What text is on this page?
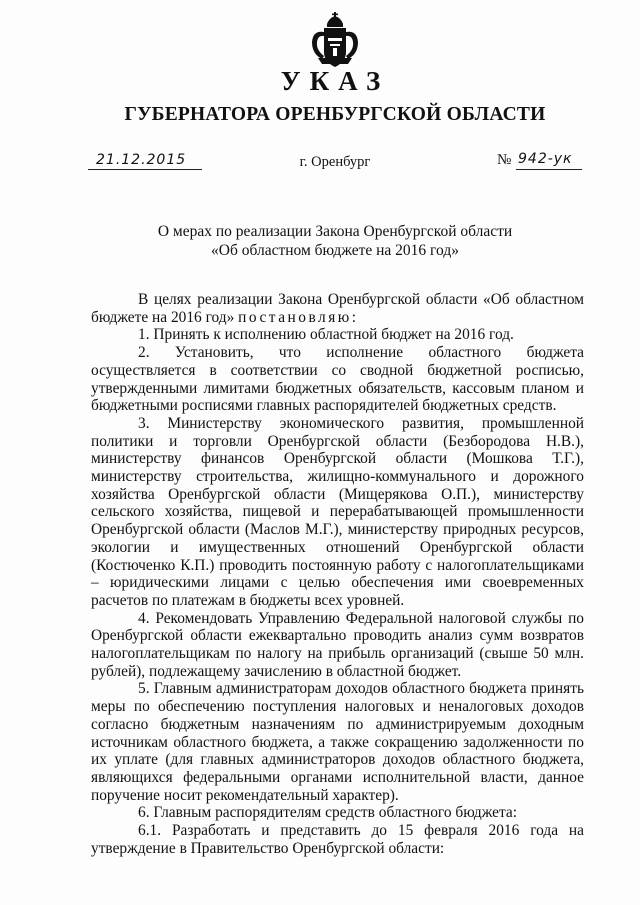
УКАЗ
ГУБЕРНАТОРА ОРЕНБУРГСКОЙ ОБЛАСТИ
21.12.2015	г. Оренбург	№ 942-ук
О мерах по реализации Закона Оренбургской области
«Об областном бюджете на 2016 год»

В целях реализации Закона Оренбургской области «Об областном бюджете на 2016 год» постановляю:

1. Принять к исполнению областной бюджет на 2016 год.

2. Установить, что исполнение областного бюджета осуществляется в соответствии со сводной бюджетной росписью, утвержденными лимитами бюджетных обязательств, кассовым планом и бюджетными росписями главных распорядителей бюджетных средств.

3. Министерству экономического развития, промышленной политики и торговли Оренбургской области (Безбородова Н.В.), министерству финансов Оренбургской области (Мошкова Т.Г.), министерству строительства, жилищно-коммунального и дорожного хозяйства Оренбургской области (Мищерякова О.П.), министерству сельского хозяйства, пищевой и перерабатывающей промышленности Оренбургской области (Маслов М.Г.), министерству природных ресурсов, экологии и имущественных отношений Оренбургской области (Костюченко К.П.) проводить постоянную работу с налогоплательщиками – юридическими лицами с целью обеспечения ими своевременных расчетов по платежам в бюджеты всех уровней.

4. Рекомендовать Управлению Федеральной налоговой службы по Оренбургской области ежеквартально проводить анализ сумм возвратов налогоплательщикам по налогу на прибыль организаций (свыше 50 млн. рублей), подлежащему зачислению в областной бюджет.

5. Главным администраторам доходов областного бюджета принять меры по обеспечению поступления налоговых и неналоговых доходов согласно бюджетным назначениям по администрируемым доходным источникам областного бюджета, а также сокращению задолженности по их уплате (для главных администраторов доходов областного бюджета, являющихся федеральными органами исполнительной власти, данное поручение носит рекомендательный характер).

6. Главным распорядителям средств областного бюджета:

6.1. Разработать и представить до 15 февраля 2016 года на утверждение в Правительство Оренбургской области:
